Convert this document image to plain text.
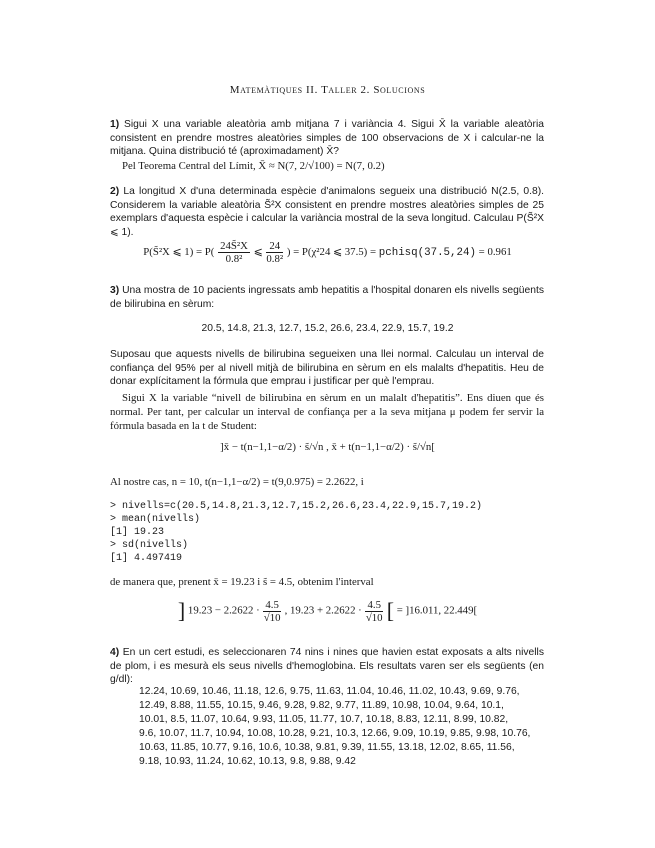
Matemàtiques II. Taller 2. Solucions
1) Sigui X una variable aleatòria amb mitjana 7 i variància 4. Sigui X̄ la variable aleatòria consistent en prendre mostres aleatòries simples de 100 observacions de X i calcular-ne la mitjana. Quina distribució té (aproximadament) X̄?
Pel Teorema Central del Límit, X̄ ≈ N(7, 2/√100) = N(7, 0.2)
2) La longitud X d'una determinada espècie d'animalons segueix una distribució N(2.5, 0.8). Considerem la variable aleatòria S̃²X consistent en prendre mostres aleatòries simples de 25 exemplars d'aquesta espècie i calcular la variància mostral de la seva longitud. Calculau P(S̃²X ⩽ 1).
P(S̃²X ⩽ $1) = P( \frac{\text{24S̃²X}}{\text{0.8²}}$ ⩽ $\frac{24}{\text{0.8²}}$ ) = P(χ²24 ⩽ 37.5) = pchisq(37.5,24) = 0.961
3) Una mostra de 10 pacients ingressats amb hepatitis a l'hospital donaren els nivells següents de bilirubina en sèrum:
20.5, 14.8, 21.3, 12.7, 15.2, 26.6, 23.4, 22.9, 15.7, 19.2
Suposau que aquests nivells de bilirubina segueixen una llei normal. Calculau un interval de confiança del 95% per al nivell mitjà de bilirubina en sèrum en els malalts d'hepatitis. Heu de donar explícitament la fórmula que emprau i justificar per què l'emprau.
Sigui X la variable “nivell de bilirubina en sèrum en un malalt d'hepatitis”. Ens diuen que és normal. Per tant, per calcular un interval de confiança per a la seva mitjana μ podem fer servir la fórmula basada en la t de Student:
]x̄ − t(n−1,1−α/2) · s̃/√n , x̄ + t(n−1,1−α/2) · s̃/√n[
Al nostre cas, n = 10, t(n−1,1−α/2) = t(9,0.975) = 2.2622, i
> nivells=c(20.5,14.8,21.3,12.7,15.2,26.6,23.4,22.9,15.7,19.2)
> mean(nivells)
[1] 19.23
> sd(nivells)
[1] 4.497419
de manera que, prenent x̄ = 19.23 i s̃ = 4.5, obtenim l'interval
] $19.23 - 2.2622 \cdot \frac{4.5}{√10}$ , $19.23 + 2.2622 \cdot \frac{4.5}{√10}$ [ = ]16.011, 22.449[
4) En un cert estudi, es seleccionaren 74 nins i nines que havien estat exposats a alts nivells de plom, i es mesurà els seus nivells d'hemoglobina. Els resultats varen ser els següents (en g/dl):
12.24, 10.69, 10.46, 11.18, 12.6, 9.75, 11.63, 11.04, 10.46, 11.02, 10.43, 9.69, 9.76,
12.49, 8.88, 11.55, 10.15, 9.46, 9.28, 9.82, 9.77, 11.89, 10.98, 10.04, 9.64, 10.1,
10.01, 8.5, 11.07, 10.64, 9.93, 11.05, 11.77, 10.7, 10.18, 8.83, 12.11, 8.99, 10.82,
9.6, 10.07, 11.7, 10.94, 10.08, 10.28, 9.21, 10.3, 12.66, 9.09, 10.19, 9.85, 9.98, 10.76,
10.63, 11.85, 10.77, 9.16, 10.6, 10.38, 9.81, 9.39, 11.55, 13.18, 12.02, 8.65, 11.56,
9.18, 10.93, 11.24, 10.62, 10.13, 9.8, 9.88, 9.42
